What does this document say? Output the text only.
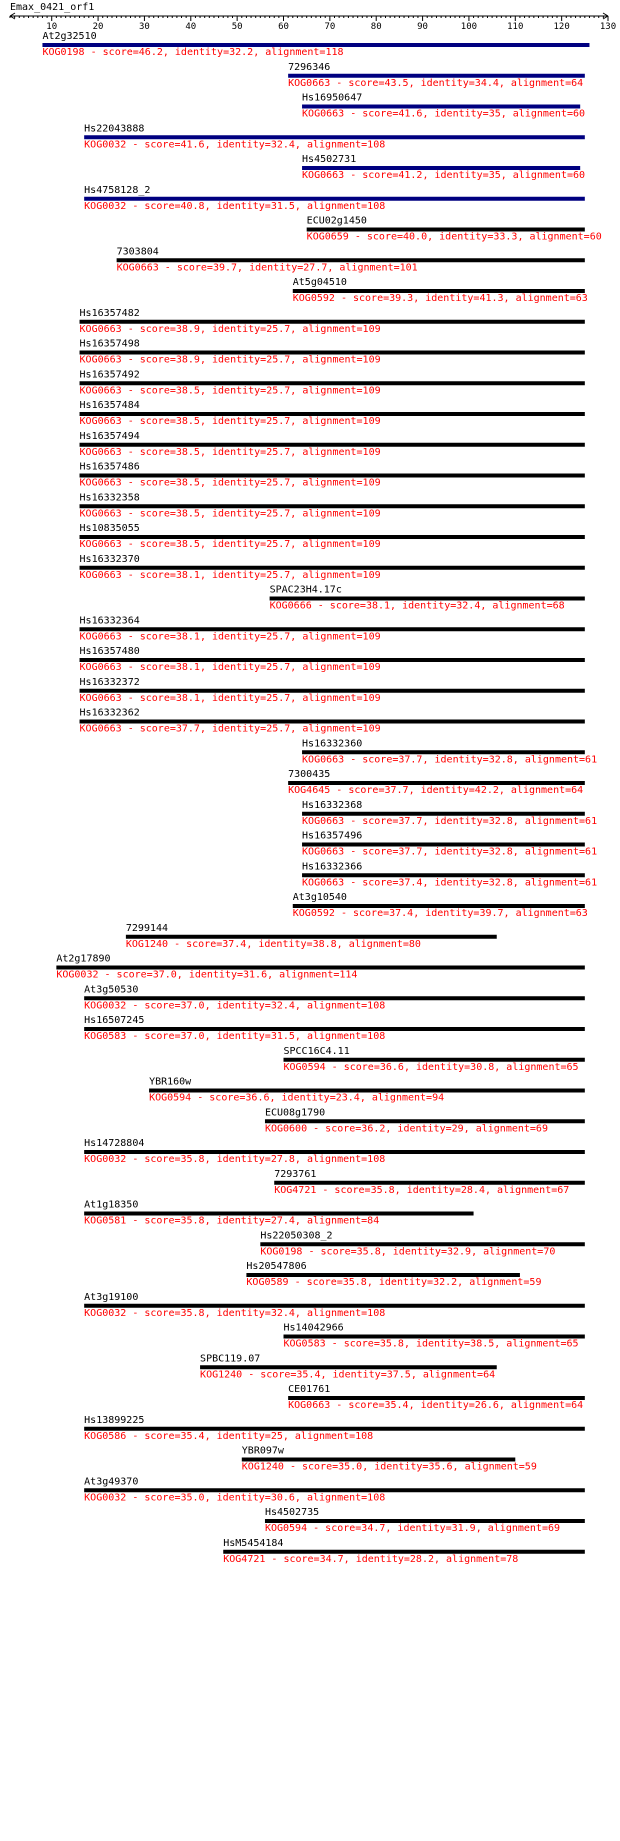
Emax_0421_orf1
10	20	30	40	50	60	70	80	90	100	110	120	130
At2g32510
KOG0198 - score=46.2, identity=32.2, alignment=118
7296346
KOG0663 - score=43.5, identity=34.4, alignment=64
Hs16950647
KOG0663 - score=41.6, identity=35, alignment=60
Hs22043888
KOG0032 - score=41.6, identity=32.4, alignment=108
Hs4502731
KOG0663 - score=41.2, identity=35, alignment=60
Hs4758128_2
KOG0032 - score=40.8, identity=31.5, alignment=108
ECU02g1450
KOG0659 - score=40.0, identity=33.3, alignment=60
7303804
KOG0663 - score=39.7, identity=27.7, alignment=101
At5g04510
KOG0592 - score=39.3, identity=41.3, alignment=63
Hs16357482
KOG0663 - score=38.9, identity=25.7, alignment=109
Hs16357498
KOG0663 - score=38.9, identity=25.7, alignment=109
Hs16357492
KOG0663 - score=38.5, identity=25.7, alignment=109
Hs16357484
KOG0663 - score=38.5, identity=25.7, alignment=109
Hs16357494
KOG0663 - score=38.5, identity=25.7, alignment=109
Hs16357486
KOG0663 - score=38.5, identity=25.7, alignment=109
Hs16332358
KOG0663 - score=38.5, identity=25.7, alignment=109
Hs10835055
KOG0663 - score=38.5, identity=25.7, alignment=109
Hs16332370
KOG0663 - score=38.1, identity=25.7, alignment=109
SPAC23H4.17c
KOG0666 - score=38.1, identity=32.4, alignment=68
Hs16332364
KOG0663 - score=38.1, identity=25.7, alignment=109
Hs16357480
KOG0663 - score=38.1, identity=25.7, alignment=109
Hs16332372
KOG0663 - score=38.1, identity=25.7, alignment=109
Hs16332362
KOG0663 - score=37.7, identity=25.7, alignment=109
Hs16332360
KOG0663 - score=37.7, identity=32.8, alignment=61
7300435
KOG4645 - score=37.7, identity=42.2, alignment=64
Hs16332368
KOG0663 - score=37.7, identity=32.8, alignment=61
Hs16357496
KOG0663 - score=37.7, identity=32.8, alignment=61
Hs16332366
KOG0663 - score=37.4, identity=32.8, alignment=61
At3g10540
KOG0592 - score=37.4, identity=39.7, alignment=63
7299144
KOG1240 - score=37.4, identity=38.8, alignment=80
At2g17890
KOG0032 - score=37.0, identity=31.6, alignment=114
At3g50530
KOG0032 - score=37.0, identity=32.4, alignment=108
Hs16507245
KOG0583 - score=37.0, identity=31.5, alignment=108
SPCC16C4.11
KOG0594 - score=36.6, identity=30.8, alignment=65
YBR160w
KOG0594 - score=36.6, identity=23.4, alignment=94
ECU08g1790
KOG0600 - score=36.2, identity=29, alignment=69
Hs14728804
KOG0032 - score=35.8, identity=27.8, alignment=108
7293761
KOG4721 - score=35.8, identity=28.4, alignment=67
At1g18350
KOG0581 - score=35.8, identity=27.4, alignment=84
Hs22050308_2
KOG0198 - score=35.8, identity=32.9, alignment=70
Hs20547806
KOG0589 - score=35.8, identity=32.2, alignment=59
At3g19100
KOG0032 - score=35.8, identity=32.4, alignment=108
Hs14042966
KOG0583 - score=35.8, identity=38.5, alignment=65
SPBC119.07
KOG1240 - score=35.4, identity=37.5, alignment=64
CE01761
KOG0663 - score=35.4, identity=26.6, alignment=64
Hs13899225
KOG0586 - score=35.4, identity=25, alignment=108
YBR097w
KOG1240 - score=35.0, identity=35.6, alignment=59
At3g49370
KOG0032 - score=35.0, identity=30.6, alignment=108
Hs4502735
KOG0594 - score=34.7, identity=31.9, alignment=69
HsM5454184
KOG4721 - score=34.7, identity=28.2, alignment=78
